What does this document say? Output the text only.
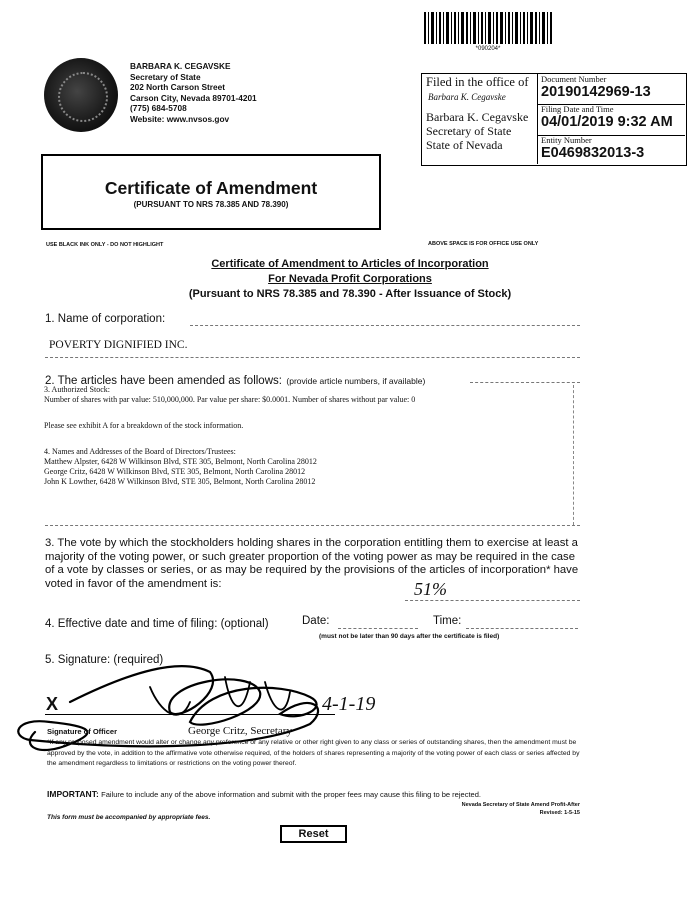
*090204*
BARBARA K. CEGAVSKE
Secretary of State
202 North Carson Street
Carson City, Nevada 89701-4201
(775) 684-5708
Website: www.nvsos.gov
Filed in the office of
Barbara K. Cegavske
Barbara K. Cegavske
Secretary of State
State of Nevada
Document Number
20190142969-13
Filing Date and Time
04/01/2019 9:32 AM
Entity Number
E0469832013-3
Certificate of Amendment
(PURSUANT TO NRS 78.385 AND 78.390)
USE BLACK INK ONLY - DO NOT HIGHLIGHT	ABOVE SPACE IS FOR OFFICE USE ONLY
Certificate of Amendment to Articles of Incorporation
For Nevada Profit Corporations
(Pursuant to NRS 78.385 and 78.390 - After Issuance of Stock)
1. Name of corporation:
POVERTY DIGNIFIED INC.
2. The articles have been amended as follows: (provide article numbers, if available)
3. Authorized Stock:
Number of shares with par value: 510,000,000. Par value per share: $0.0001. Number of shares without par value: 0
Please see exhibit A for a breakdown of the stock information.
4. Names and Addresses of the Board of Directors/Trustees:
Matthew Alpster, 6428 W Wilkinson Blvd, STE 305, Belmont, North Carolina 28012
George Critz, 6428 W Wilkinson Blvd, STE 305, Belmont, North Carolina 28012
John K Lowther, 6428 W Wilkinson Blvd, STE 305, Belmont, North Carolina 28012
3. The vote by which the stockholders holding shares in the corporation entitling them to exercise at least a majority of the voting power, or such greater proportion of the voting power as may be required in the case of a vote by classes or series, or as may be required by the provisions of the articles of incorporation* have voted in favor of the amendment is:	51%
4. Effective date and time of filing: (optional)	Date:	Time:
(must not be later than 90 days after the certificate is filed)
5. Signature: (required)
X	4-1-19
Signature of Officer	George Critz, Secretary
*If any proposed amendment would alter or change any preference or any relative or other right given to any class or series of outstanding shares, then the amendment must be approved by the vote, in addition to the affirmative vote otherwise required, of the holders of shares representing a majority of the voting power of each class or series affected by the amendment regardless to limitations or restrictions on the voting power thereof.
IMPORTANT: Failure to include any of the above information and submit with the proper fees may cause this filing to be rejected.
Nevada Secretary of State Amend Profit-After
Revised: 1-5-15
This form must be accompanied by appropriate fees.
Reset
